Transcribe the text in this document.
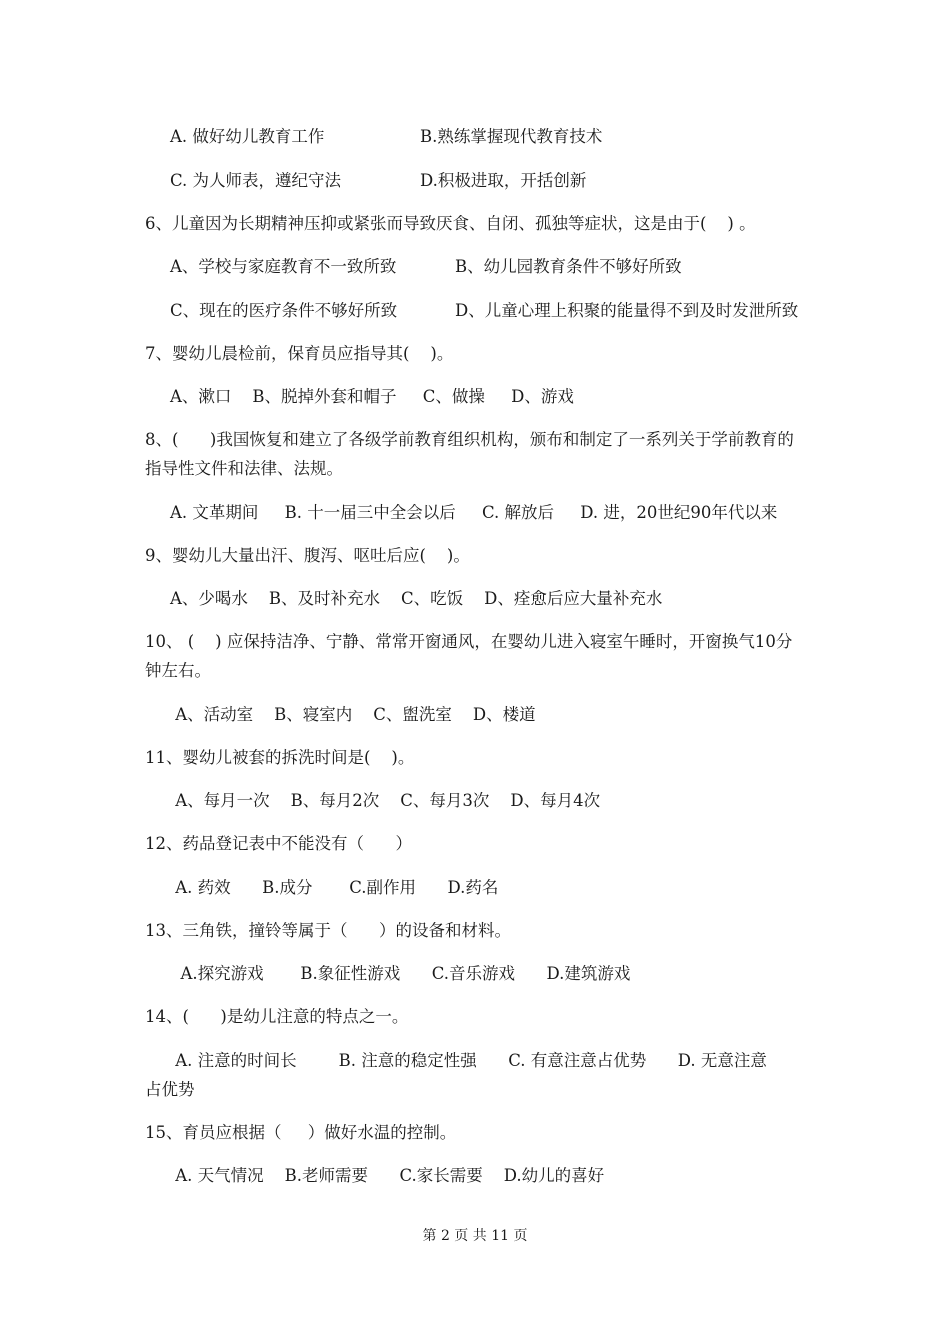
A. 做好幼儿教育工作	B.熟练掌握现代教育技术
C. 为人师表，遵纪守法	D.积极进取，开括创新
6、儿童因为长期精神压抑或紧张而导致厌食、自闭、孤独等症状，这是由于(    ) 。
A、学校与家庭教育不一致所致	B、幼儿园教育条件不够好所致
C、现在的医疗条件不够好所致	D、儿童心理上积聚的能量得不到及时发泄所致
7、婴幼儿晨检前，保育员应指导其(    )。
A、漱口    B、脱掉外套和帽子     C、做操     D、游戏
8、(      )我国恢复和建立了各级学前教育组织机构，颁布和制定了一系列关于学前教育的
指导性文件和法律、法规。
A. 文革期间     B. 十一届三中全会以后     C. 解放后     D. 进，20世纪90年代以来
9、婴幼儿大量出汗、腹泻、呕吐后应(    )。
A、少喝水    B、及时补充水    C、吃饭    D、痊愈后应大量补充水
10、 (    ) 应保持洁净、宁静、常常开窗通风，在婴幼儿进入寝室午睡时，开窗换气10分
钟左右。
A、活动室    B、寝室内    C、盥洗室    D、楼道
11、婴幼儿被套的拆洗时间是(    )。
A、每月一次    B、每月2次    C、每月3次    D、每月4次
12、药品登记表中不能没有（      ）
A. 药效      B.成分       C.副作用      D.药名
13、三角铁，撞铃等属于（      ）的设备和材料。
A.探究游戏       B.象征性游戏      C.音乐游戏      D.建筑游戏
14、(      )是幼儿注意的特点之一。
A. 注意的时间长        B. 注意的稳定性强      C. 有意注意占优势      D. 无意注意
占优势
15、育员应根据（     ）做好水温的控制。
A. 天气情况    B.老师需要      C.家长需要    D.幼儿的喜好
第 2 页 共 11 页
